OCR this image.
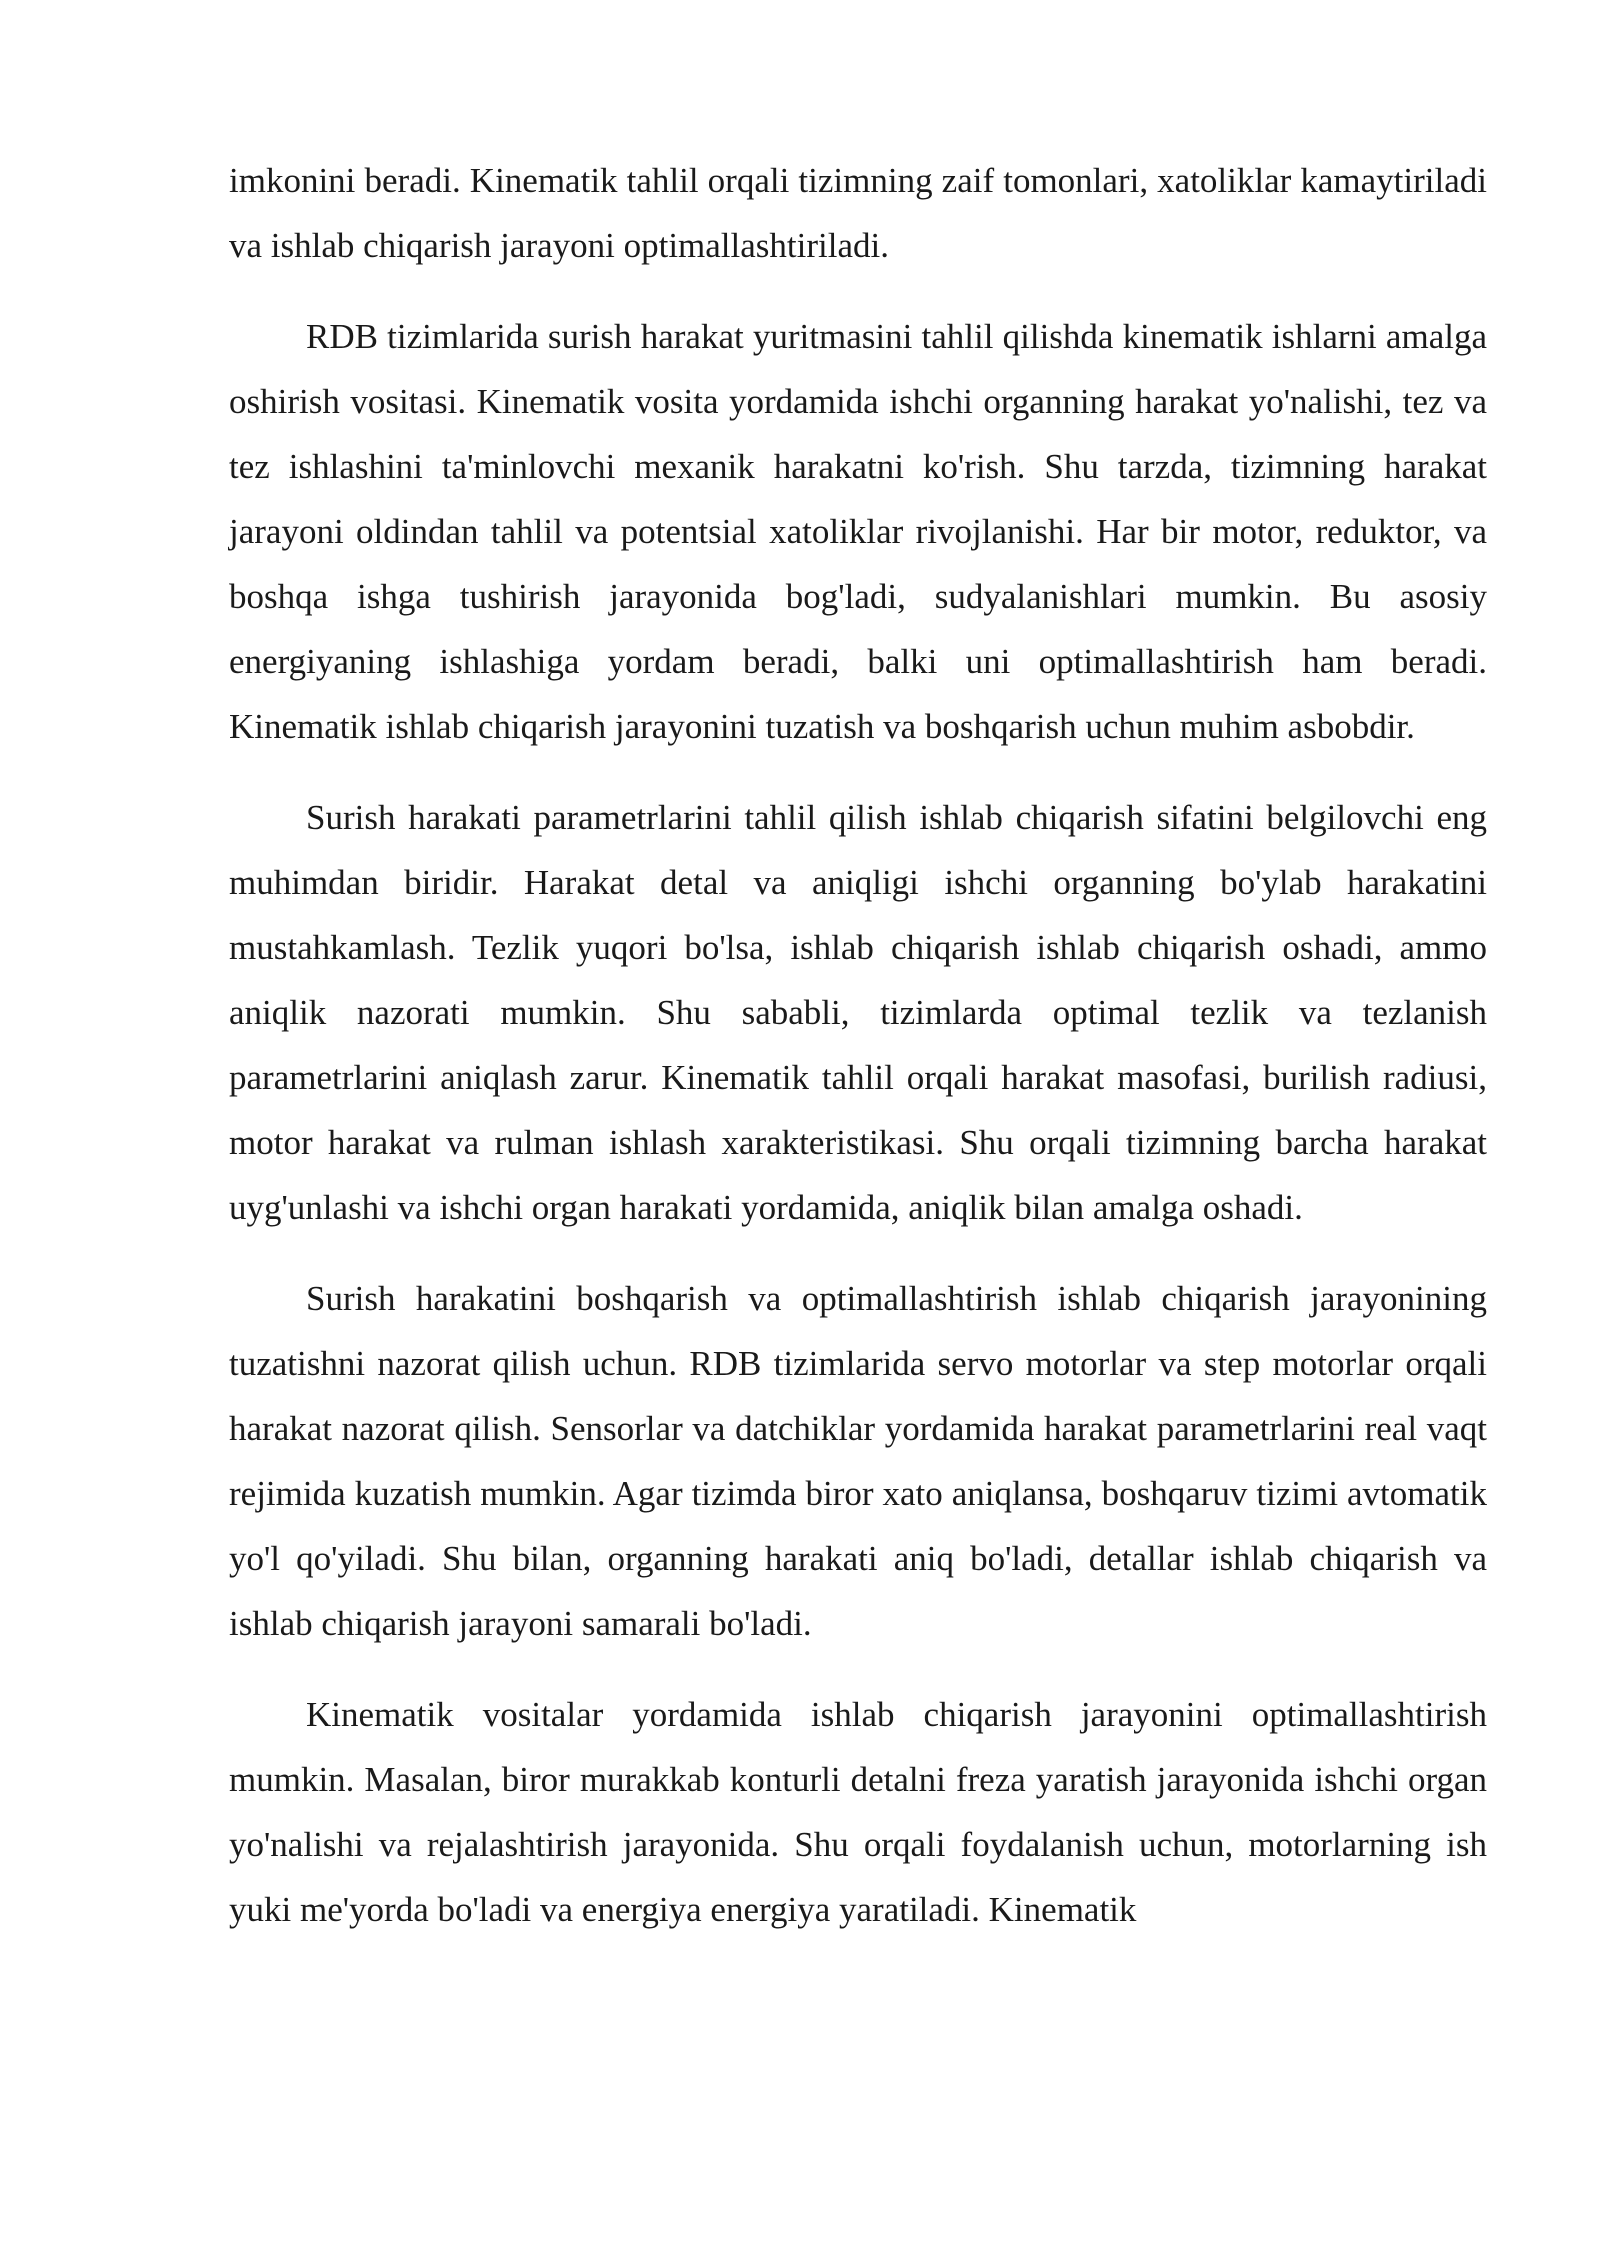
imkonini beradi. Kinematik tahlil orqali tizimning zaif tomonlari, xatoliklar kamaytiriladi va ishlab chiqarish jarayoni optimallashtiriladi.

RDB tizimlarida surish harakat yuritmasini tahlil qilishda kinematik ishlarni amalga oshirish vositasi. Kinematik vosita yordamida ishchi organning harakat yo'nalishi, tez va tez ishlashini ta'minlovchi mexanik harakatni ko'rish. Shu tarzda, tizimning harakat jarayoni oldindan tahlil va potentsial xatoliklar rivojlanishi. Har bir motor, reduktor, va boshqa ishga tushirish jarayonida bog'ladi, sudyalanishlari mumkin. Bu asosiy energiyaning ishlashiga yordam beradi, balki uni optimallashtirish ham beradi. Kinematik ishlab chiqarish jarayonini tuzatish va boshqarish uchun muhim asbobdir.

Surish harakati parametrlarini tahlil qilish ishlab chiqarish sifatini belgilovchi eng muhimdan biridir. Harakat detal va aniqligi ishchi organning bo'ylab harakatini mustahkamlash. Tezlik yuqori bo'lsa, ishlab chiqarish ishlab chiqarish oshadi, ammo aniqlik nazorati mumkin. Shu sababli, tizimlarda optimal tezlik va tezlanish parametrlarini aniqlash zarur. Kinematik tahlil orqali harakat masofasi, burilish radiusi, motor harakat va rulman ishlash xarakteristikasi. Shu orqali tizimning barcha harakat uyg'unlashi va ishchi organ harakati yordamida, aniqlik bilan amalga oshadi.

Surish harakatini boshqarish va optimallashtirish ishlab chiqarish jarayonining tuzatishni nazorat qilish uchun. RDB tizimlarida servo motorlar va step motorlar orqali harakat nazorat qilish. Sensorlar va datchiklar yordamida harakat parametrlarini real vaqt rejimida kuzatish mumkin. Agar tizimda biror xato aniqlansa, boshqaruv tizimi avtomatik yo'l qo'yiladi. Shu bilan, organning harakati aniq bo'ladi, detallar ishlab chiqarish va ishlab chiqarish jarayoni samarali bo'ladi.

Kinematik vositalar yordamida ishlab chiqarish jarayonini optimallashtirish mumkin. Masalan, biror murakkab konturli detalni freza yaratish jarayonida ishchi organ yo'nalishi va rejalashtirish jarayonida. Shu orqali foydalanish uchun, motorlarning ish yuki me'yorda bo'ladi va energiya energiya yaratiladi. Kinematik
